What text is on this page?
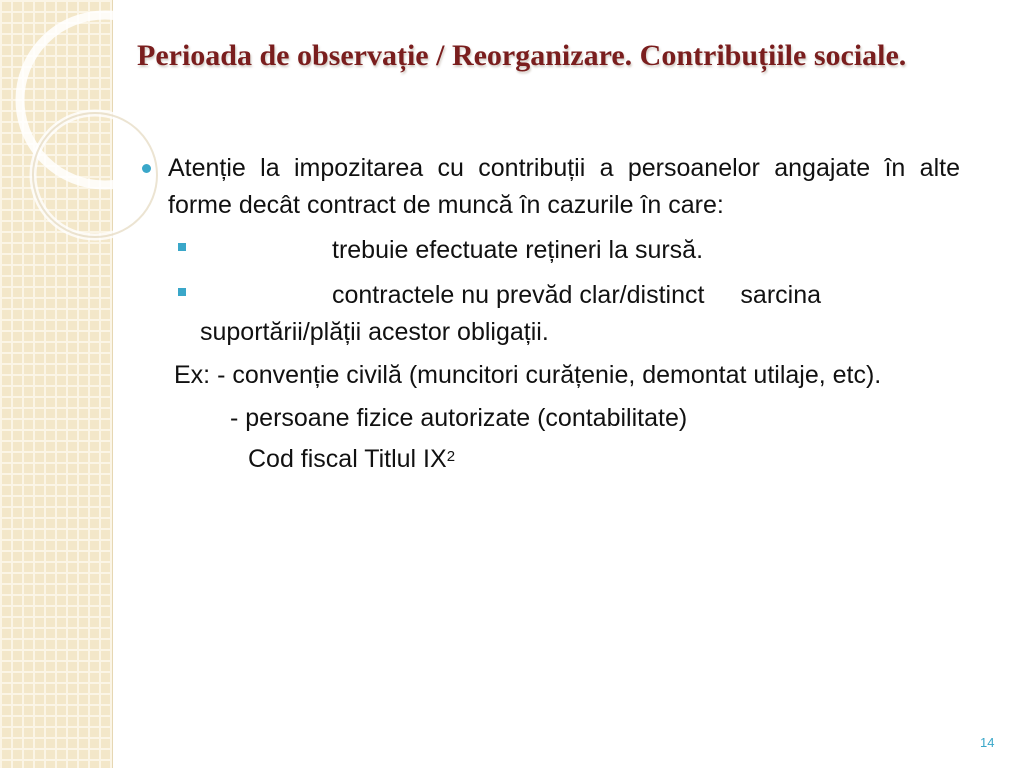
Perioada de observație / Reorganizare. Contribuțiile sociale.
Atenție la impozitarea cu contribuții a persoanelor angajate în alte forme decât contract de muncă în cazurile în care:
trebuie efectuate rețineri la sursă.
contractele nu prevăd clar/distinct sarcina
suportării/plății acestor obligații.
Ex: - convenție civilă (muncitori curățenie, demontat utilaje, etc).
- persoane fizice autorizate (contabilitate)
Cod fiscal Titlul $IX^2$
14
